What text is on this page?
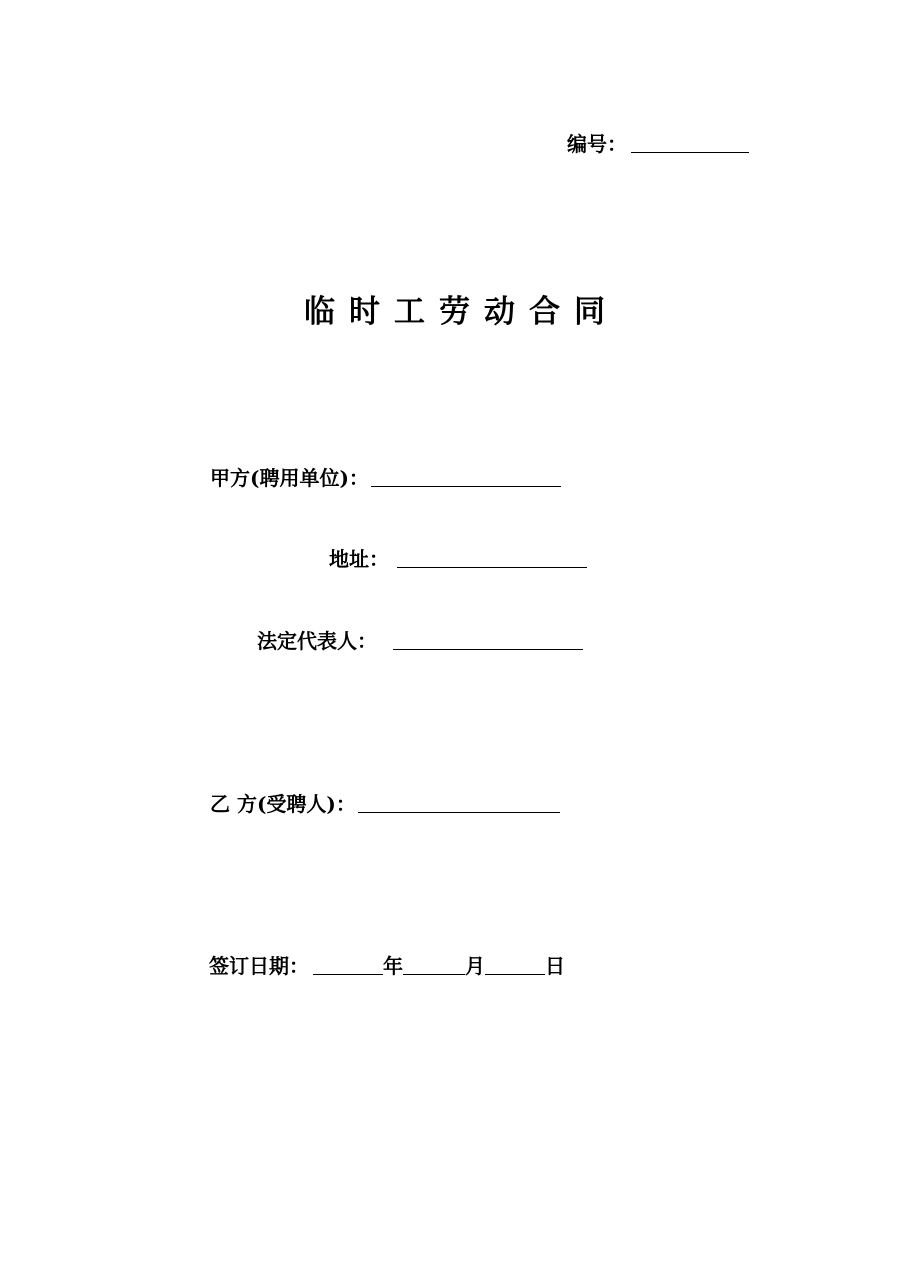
编号：
临时工劳动合同
甲方(聘用单位)：
地址：
法定代表人：
乙 方(受聘人)：
签订日期：	年	月	日
